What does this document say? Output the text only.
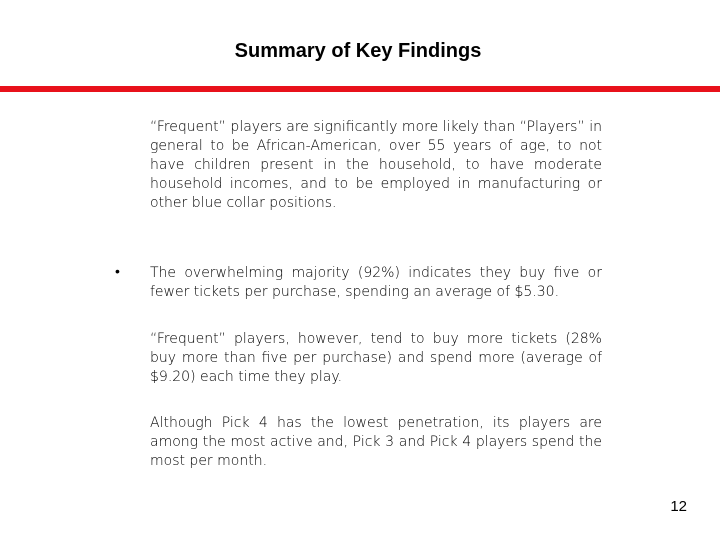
Summary of Key Findings
“Frequent” players are significantly more likely than “Players” in general to be African-American, over 55 years of age, to not have children present in the household, to have moderate household incomes, and to be employed in manufacturing or other blue collar positions.
• The overwhelming majority (92%) indicates they buy five or fewer tickets per purchase, spending an average of $5.30.
“Frequent” players, however, tend to buy more tickets (28% buy more than five per purchase) and spend more (average of $9.20) each time they play.
Although Pick 4 has the lowest penetration, its players are among the most active and, Pick 3 and Pick 4 players spend the most per month.
12
